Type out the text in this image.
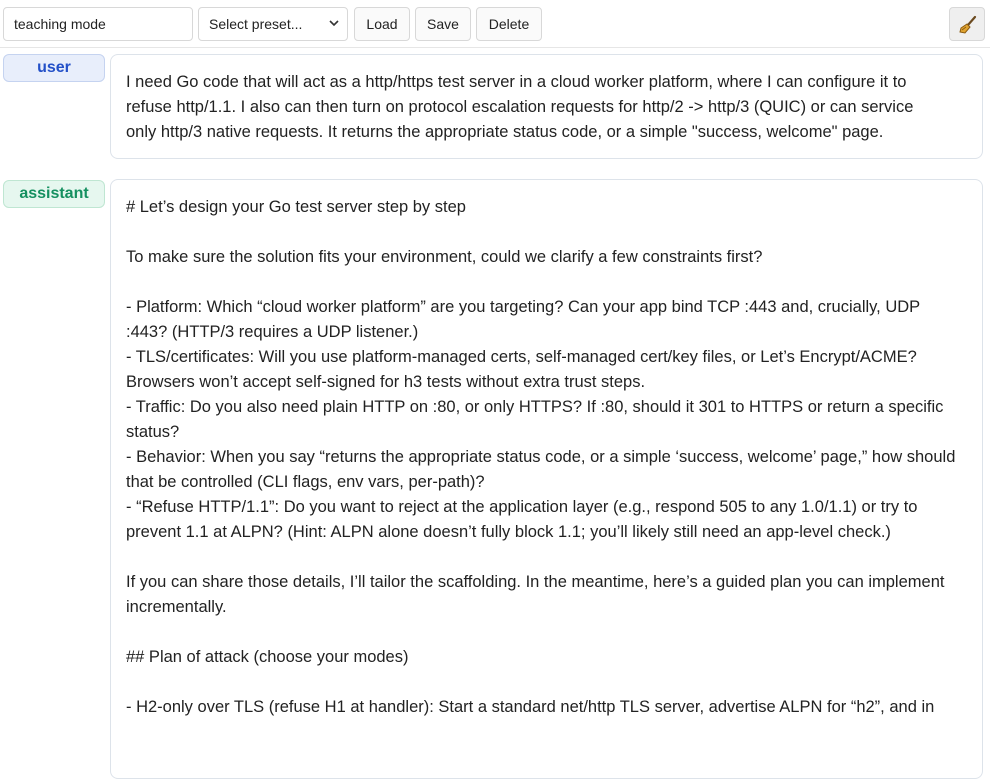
teaching mode	Select preset...	Load	Save	Delete
user
I need Go code that will act as a http/https test server in a cloud worker platform, where I can configure it to
refuse http/1.1. I also can then turn on protocol escalation requests for http/2 -> http/3 (QUIC) or can service
only http/3 native requests. It returns the appropriate status code, or a simple "success, welcome" page.
assistant
# Let’s design your Go test server step by step
To make sure the solution fits your environment, could we clarify a few constraints first?
- Platform: Which “cloud worker platform” are you targeting? Can your app bind TCP :443 and, crucially, UDP
:443? (HTTP/3 requires a UDP listener.)
- TLS/certificates: Will you use platform-managed certs, self-managed cert/key files, or Let’s Encrypt/ACME?
Browsers won’t accept self-signed for h3 tests without extra trust steps.
- Traffic: Do you also need plain HTTP on :80, or only HTTPS? If :80, should it 301 to HTTPS or return a specific
status?
- Behavior: When you say “returns the appropriate status code, or a simple ‘success, welcome’ page,” how should
that be controlled (CLI flags, env vars, per-path)?
- “Refuse HTTP/1.1”: Do you want to reject at the application layer (e.g., respond 505 to any 1.0/1.1) or try to
prevent 1.1 at ALPN? (Hint: ALPN alone doesn’t fully block 1.1; you’ll likely still need an app-level check.)
If you can share those details, I’ll tailor the scaffolding. In the meantime, here’s a guided plan you can implement
incrementally.
## Plan of attack (choose your modes)
- H2-only over TLS (refuse H1 at handler): Start a standard net/http TLS server, advertise ALPN for “h2”, and in
